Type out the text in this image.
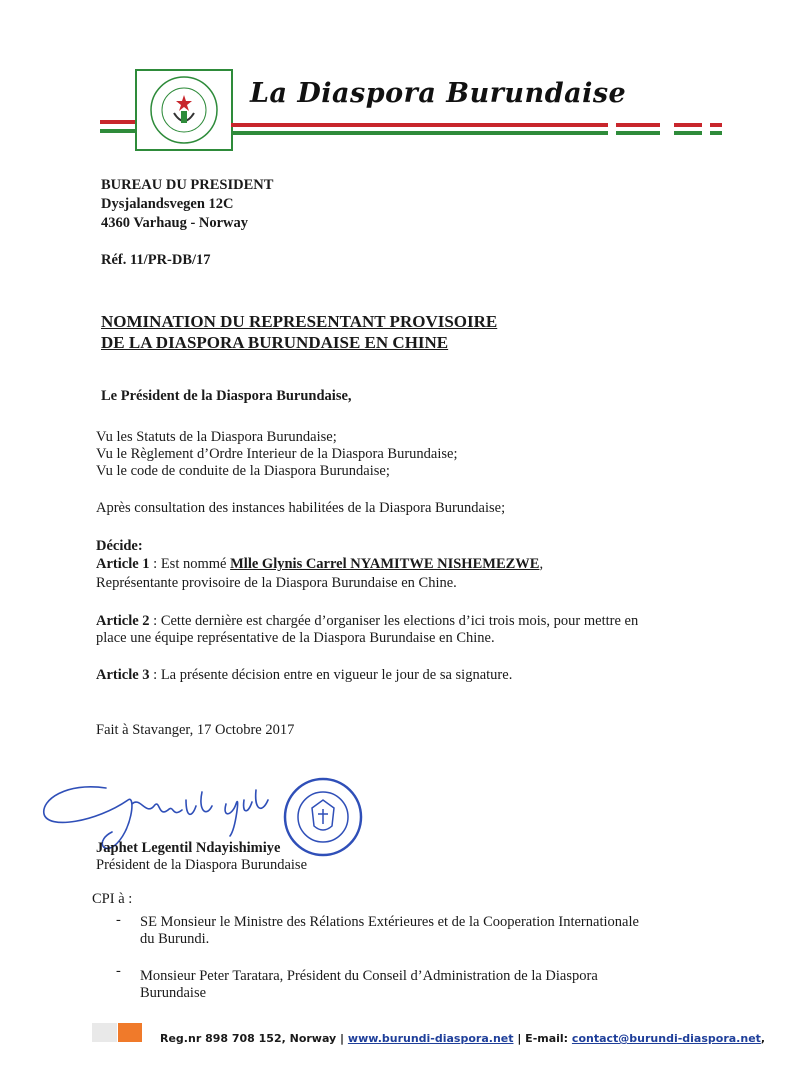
La Diaspora Burundaise
BUREAU DU PRESIDENT
Dysjalandsvegen 12C
4360 Varhaug - Norway
Réf. 11/PR-DB/17
NOMINATION DU REPRESENTANT PROVISOIRE
DE LA DIASPORA BURUNDAISE EN CHINE
Le Président de la Diaspora Burundaise,
Vu les Statuts de la Diaspora Burundaise;
Vu le Règlement d’Ordre Interieur de la Diaspora Burundaise;
Vu le code de conduite de la Diaspora Burundaise;
Après consultation des instances habilitées de la Diaspora Burundaise;
Décide:
Article 1 : Est nommé Mlle Glynis Carrel NYAMITWE NISHEMEZWE,
Représentante provisoire de la Diaspora Burundaise en Chine.
Article 2 : Cette dernière est chargée d’organiser les elections d’ici trois mois, pour mettre en
place une équipe représentative de la Diaspora Burundaise en Chine.
Article 3 : La présente décision entre en vigueur le jour de sa signature.
Fait à Stavanger, 17 Octobre 2017
Japhet Legentil Ndayishimiye
Président de la Diaspora Burundaise
CPI à :
- SE Monsieur le Ministre des Rélations Extérieures et de la Cooperation Internationale
du Burundi.
- Monsieur Peter Taratara, Président du Conseil d’Administration de la Diaspora
Burundaise
Reg.nr 898 708 152, Norway | www.burundi-diaspora.net | E-mail: contact@burundi-diaspora.net,
